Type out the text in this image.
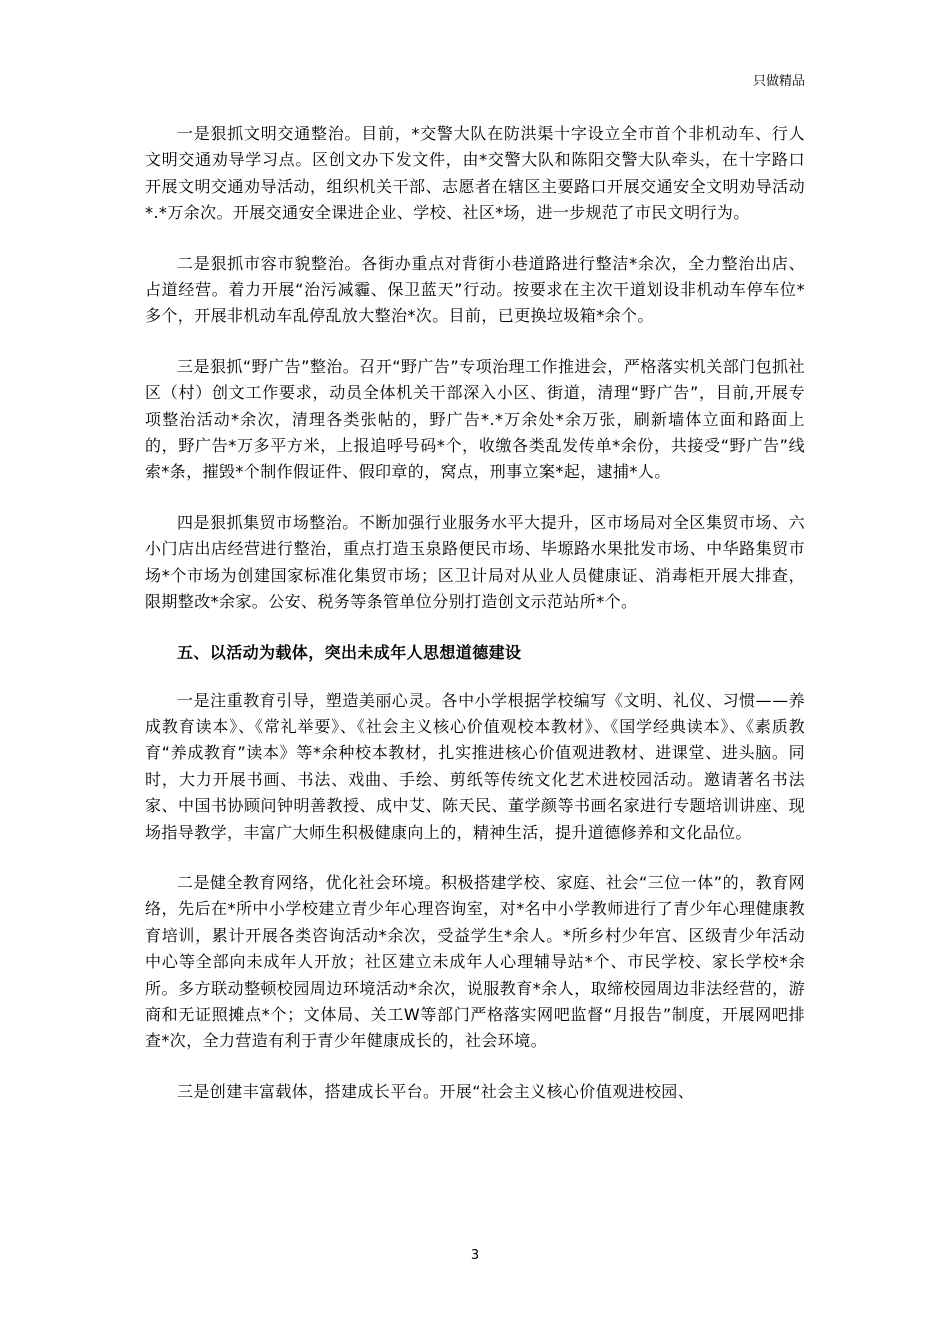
只做精品

一是狠抓文明交通整治。目前，*交警大队在防洪渠十字设立全市首个非机动车、行人文明交通劝导学习点。区创文办下发文件，由*交警大队和陈阳交警大队牵头，在十字路口开展文明交通劝导活动，组织机关干部、志愿者在辖区主要路口开展交通安全文明劝导活动*.*万余次。开展交通安全课进企业、学校、社区*场，进一步规范了市民文明行为。

二是狠抓市容市貌整治。各街办重点对背街小巷道路进行整洁*余次，全力整治出店、占道经营。着力开展“治污减霾、保卫蓝天”行动。按要求在主次干道划设非机动车停车位*多个，开展非机动车乱停乱放大整治*次。目前，已更换垃圾箱*余个。

三是狠抓“野广告”整治。召开“野广告”专项治理工作推进会，严格落实机关部门包抓社区（村）创文工作要求，动员全体机关干部深入小区、街道，清理“野广告”，目前,开展专项整治活动*余次，清理各类张帖的，野广告*.*万余处*余万张，刷新墙体立面和路面上的，野广告*万多平方米，上报追呼号码*个，收缴各类乱发传单*余份，共接受“野广告”线索*条，摧毁*个制作假证件、假印章的，窝点，刑事立案*起，逮捕*人。

四是狠抓集贸市场整治。不断加强行业服务水平大提升，区市场局对全区集贸市场、六小门店出店经营进行整治，重点打造玉泉路便民市场、毕塬路水果批发市场、中华路集贸市场*个市场为创建国家标准化集贸市场；区卫计局对从业人员健康证、消毒柜开展大排查，限期整改*余家。公安、税务等条管单位分别打造创文示范站所*个。

五、以活动为载体，突出未成年人思想道德建设

一是注重教育引导，塑造美丽心灵。各中小学根据学校编写《文明、礼仪、习惯——养成教育读本》、《常礼举要》、《社会主义核心价值观校本教材》、《国学经典读本》、《素质教育“养成教育”读本》等*余种校本教材，扎实推进核心价值观进教材、进课堂、进头脑。同时，大力开展书画、书法、戏曲、手绘、剪纸等传统文化艺术进校园活动。邀请著名书法家、中国书协顾问钟明善教授、成中艾、陈天民、董学颜等书画名家进行专题培训讲座、现场指导教学，丰富广大师生积极健康向上的，精神生活，提升道德修养和文化品位。

二是健全教育网络，优化社会环境。积极搭建学校、家庭、社会“三位一体”的，教育网络，先后在*所中小学校建立青少年心理咨询室，对*名中小学教师进行了青少年心理健康教育培训，累计开展各类咨询活动*余次，受益学生*余人。*所乡村少年宫、区级青少年活动中心等全部向未成年人开放；社区建立未成年人心理辅导站*个、市民学校、家长学校*余所。多方联动整顿校园周边环境活动*余次，说服教育*余人，取缔校园周边非法经营的，游商和无证照摊点*个；文体局、关工W等部门严格落实网吧监督“月报告”制度，开展网吧排查*次，全力营造有利于青少年健康成长的，社会环境。

三是创建丰富载体，搭建成长平台。开展“社会主义核心价值观进校园、

3
